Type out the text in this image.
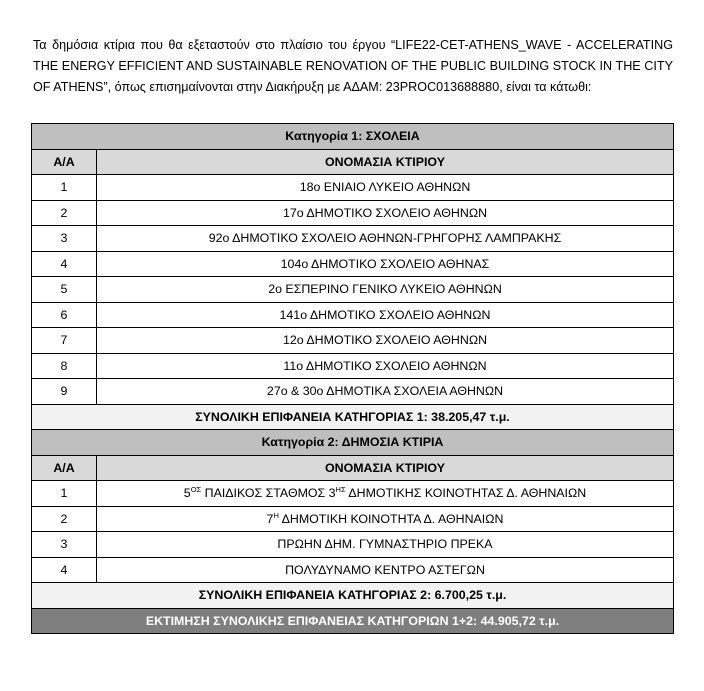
Τα δημόσια κτίρια που θα εξεταστούν στο πλαίσιο του έργου “LIFE22-CET-ATHENS_WAVE - ACCELERATING THE ENERGY EFFICIENT AND SUSTAINABLE RENOVATION OF THE PUBLIC BUILDING STOCK IN THE CITY OF ATHENS”, όπως επισημαίνονται στην Διακήρυξη με ΑΔΑΜ: 23PROC013688880, είναι τα κάτωθι:

Κατηγορία 1: ΣΧΟΛΕΙΑ	
Α/Α	ΟΝΟΜΑΣΙΑ ΚΤΙΡΙΟΥ
1	18ο ΕΝΙΑΙΟ ΛΥΚΕΙΟ ΑΘΗΝΩΝ
2	17ο ΔΗΜΟΤΙΚΟ ΣΧΟΛΕΙΟ ΑΘΗΝΩΝ
3	92ο ΔΗΜΟΤΙΚΟ ΣΧΟΛΕΙΟ ΑΘΗΝΩΝ-ΓΡΗΓΟΡΗΣ ΛΑΜΠΡΑΚΗΣ
4	104ο ΔΗΜΟΤΙΚΟ ΣΧΟΛΕΙΟ ΑΘΗΝΑΣ
5	2ο ΕΣΠΕΡΙΝΟ ΓΕΝΙΚΟ ΛΥΚΕΙΟ ΑΘΗΝΩΝ
6	141ο ΔΗΜΟΤΙΚΟ ΣΧΟΛΕΙΟ ΑΘΗΝΩΝ
7	12ο ΔΗΜΟΤΙΚΟ ΣΧΟΛΕΙΟ ΑΘΗΝΩΝ
8	11ο ΔΗΜΟΤΙΚΟ ΣΧΟΛΕΙΟ ΑΘΗΝΩΝ
9	27ο & 30ο ΔΗΜΟΤΙΚΑ ΣΧΟΛΕΙΑ ΑΘΗΝΩΝ
ΣΥΝΟΛΙΚΗ ΕΠΙΦΑΝΕΙΑ ΚΑΤΗΓΟΡΙΑΣ 1: 38.205,47 τ.μ.	
Κατηγορία 2: ΔΗΜΟΣΙΑ ΚΤΙΡΙΑ	
Α/Α	ΟΝΟΜΑΣΙΑ ΚΤΙΡΙΟΥ
1	$5^{O\Sigma}$ ΠΑΙΔΙΚΟΣ ΣΤΑΘΜΟΣ $3^{H\Sigma}$ ΔΗΜΟΤΙΚΗΣ ΚΟΙΝΟΤΗΤΑΣ Δ. ΑΘΗΝΑΙΩΝ
2	$7^H$ ΔΗΜΟΤΙΚΗ ΚΟΙΝΟΤΗΤΑ Δ. ΑΘΗΝΑΙΩΝ
3	ΠΡΩΗΝ ΔΗΜ. ΓΥΜΝΑΣΤΗΡΙΟ ΠΡΕΚΑ
4	ΠΟΛΥΔΥΝΑΜΟ ΚΕΝΤΡΟ ΑΣΤΕΓΩΝ
ΣΥΝΟΛΙΚΗ ΕΠΙΦΑΝΕΙΑ ΚΑΤΗΓΟΡΙΑΣ 2: 6.700,25 τ.μ.	
ΕΚΤΙΜΗΣΗ ΣΥΝΟΛΙΚΗΣ ΕΠΙΦΑΝΕΙΑΣ ΚΑΤΗΓΟΡΙΩΝ 1+2: 44.905,72 τ.μ.	
